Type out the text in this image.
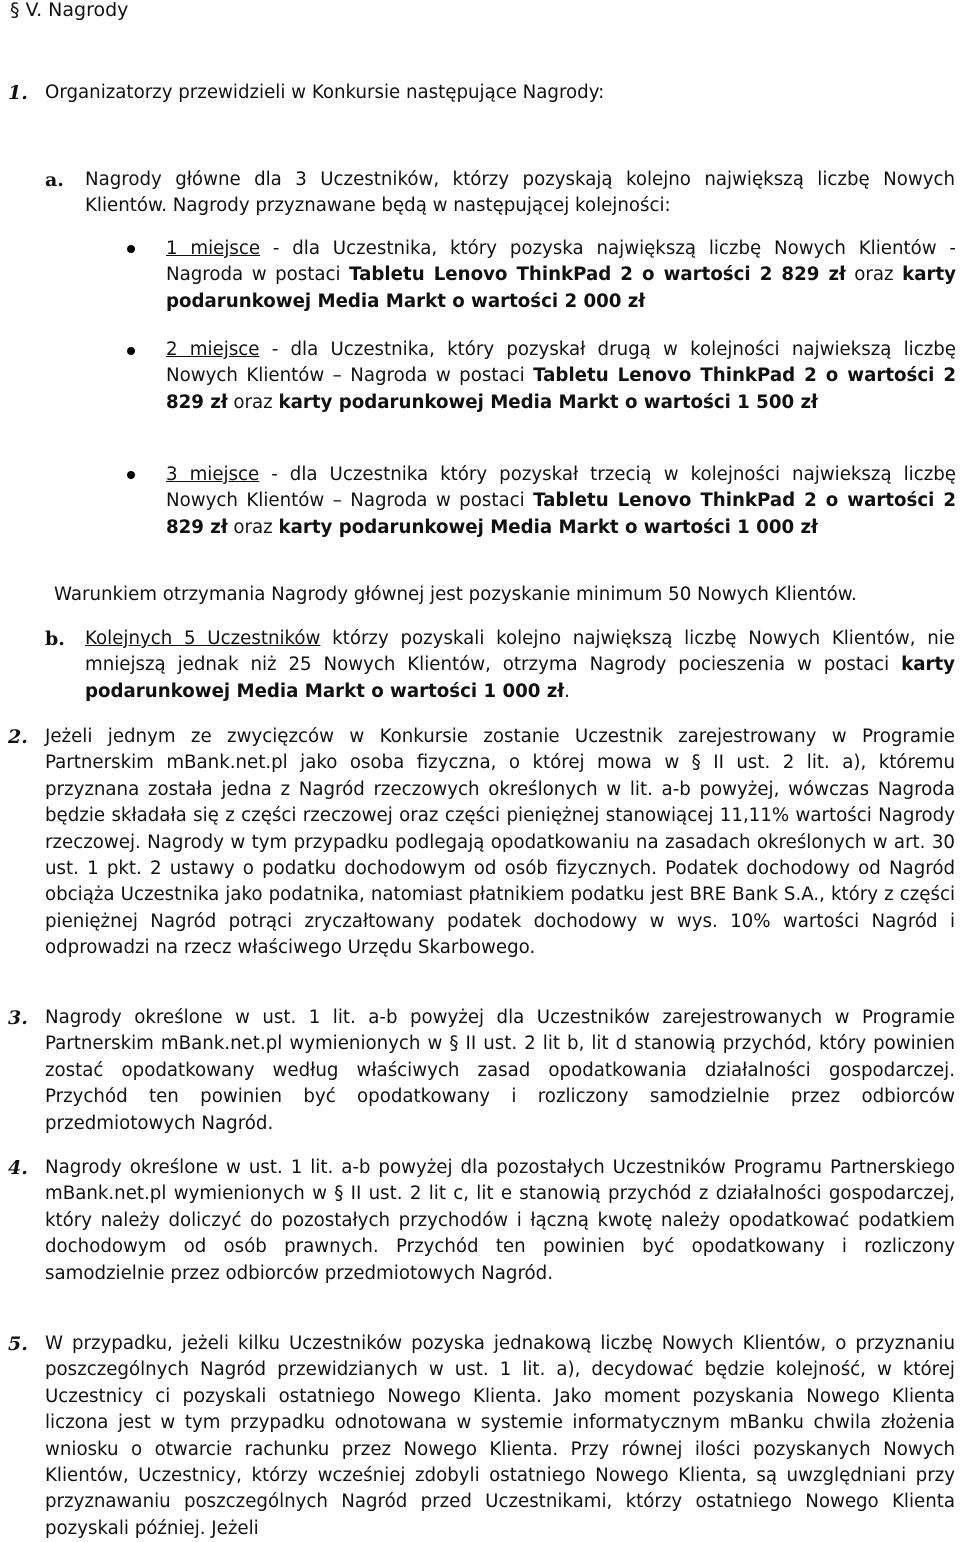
§ V. Nagrody
1. Organizatorzy przewidzieli w Konkursie następujące Nagrody:
a. Nagrody główne dla 3 Uczestników, którzy pozyskają kolejno największą liczbę Nowych Klientów. Nagrody przyznawane będą w następującej kolejności:
1 miejsce - dla Uczestnika, który pozyska największą liczbę Nowych Klientów - Nagroda w postaci Tabletu Lenovo ThinkPad 2 o wartości 2 829 zł oraz karty podarunkowej Media Markt o wartości 2 000 zł
2 miejsce - dla Uczestnika, który pozyskał drugą w kolejności najwiekszą liczbę Nowych Klientów – Nagroda w postaci Tabletu Lenovo ThinkPad 2 o wartości 2 829 zł oraz karty podarunkowej Media Markt o wartości 1 500 zł
3 miejsce - dla Uczestnika który pozyskał trzecią w kolejności najwiekszą liczbę Nowych Klientów – Nagroda w postaci Tabletu Lenovo ThinkPad 2 o wartości 2 829 zł oraz karty podarunkowej Media Markt o wartości 1 000 zł
Warunkiem otrzymania Nagrody głównej jest pozyskanie minimum 50 Nowych Klientów.
b. Kolejnych 5 Uczestników którzy pozyskali kolejno największą liczbę Nowych Klientów, nie mniejszą jednak niż 25 Nowych Klientów, otrzyma Nagrody pocieszenia w postaci karty podarunkowej Media Markt o wartości 1 000 zł.
2. Jeżeli jednym ze zwycięzców w Konkursie zostanie Uczestnik zarejestrowany w Programie Partnerskim mBank.net.pl jako osoba fizyczna, o której mowa w § II ust. 2 lit. a), któremu przyznana została jedna z Nagród rzeczowych określonych w lit. a-b powyżej, wówczas Nagroda będzie składała się z części rzeczowej oraz części pieniężnej stanowiącej 11,11% wartości Nagrody rzeczowej. Nagrody w tym przypadku podlegają opodatkowaniu na zasadach określonych w art. 30 ust. 1 pkt. 2 ustawy o podatku dochodowym od osób fizycznych. Podatek dochodowy od Nagród obciąża Uczestnika jako podatnika, natomiast płatnikiem podatku jest BRE Bank S.A., który z części pieniężnej Nagród potrąci zryczałtowany podatek dochodowy w wys. 10% wartości Nagród i odprowadzi na rzecz właściwego Urzędu Skarbowego.
3. Nagrody określone w ust. 1 lit. a-b powyżej dla Uczestników zarejestrowanych w Programie Partnerskim mBank.net.pl wymienionych w § II ust. 2 lit b, lit d stanowią przychód, który powinien zostać opodatkowany według właściwych zasad opodatkowania działalności gospodarczej. Przychód ten powinien być opodatkowany i rozliczony samodzielnie przez odbiorców przedmiotowych Nagród.
4. Nagrody określone w ust. 1 lit. a-b powyżej dla pozostałych Uczestników Programu Partnerskiego mBank.net.pl wymienionych w § II ust. 2 lit c, lit e stanowią przychód z działalności gospodarczej, który należy doliczyć do pozostałych przychodów i łączną kwotę należy opodatkować podatkiem dochodowym od osób prawnych. Przychód ten powinien być opodatkowany i rozliczony samodzielnie przez odbiorców przedmiotowych Nagród.
5. W przypadku, jeżeli kilku Uczestników pozyska jednakową liczbę Nowych Klientów, o przyznaniu poszczególnych Nagród przewidzianych w ust. 1 lit. a), decydować będzie kolejność, w której Uczestnicy ci pozyskali ostatniego Nowego Klienta. Jako moment pozyskania Nowego Klienta liczona jest w tym przypadku odnotowana w systemie informatycznym mBanku chwila złożenia wniosku o otwarcie rachunku przez Nowego Klienta. Przy równej ilości pozyskanych Nowych Klientów, Uczestnicy, którzy wcześniej zdobyli ostatniego Nowego Klienta, są uwzględniani przy przyznawaniu poszczególnych Nagród przed Uczestnikami, którzy ostatniego Nowego Klienta pozyskali później. Jeżeli
